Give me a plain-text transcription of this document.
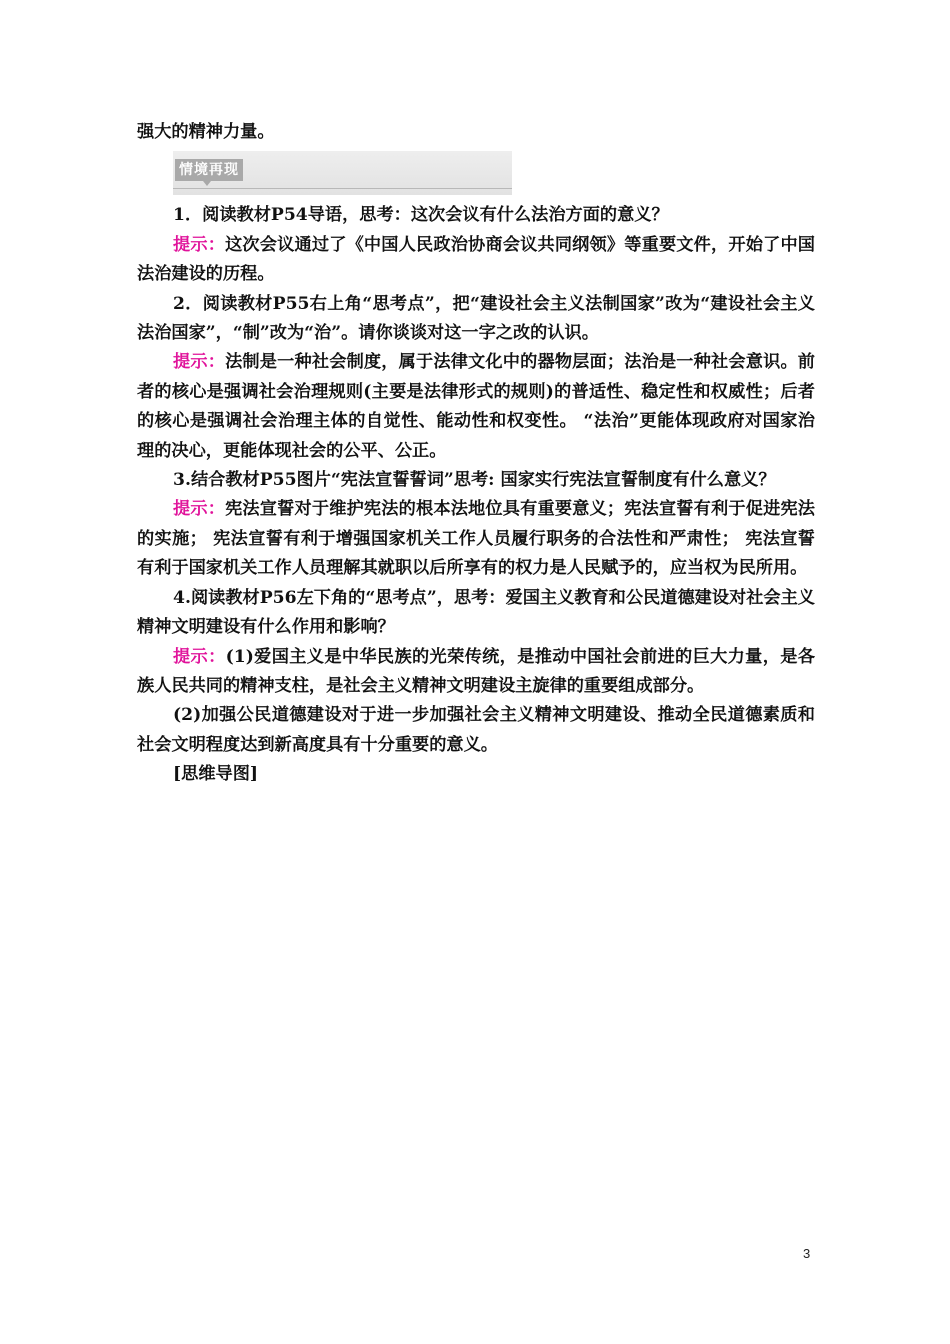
强大的精神力量。

情境再现

1．阅读教材P54导语，思考：这次会议有什么法治方面的意义？

提示：这次会议通过了《中国人民政治协商会议共同纲领》等重要文件，开始了中国法治建设的历程。

2．阅读教材P55右上角“思考点”，把“建设社会主义法制国家”改为“建设社会主义法治国家”，“制”改为“治”。请你谈谈对这一字之改的认识。

提示：法制是一种社会制度，属于法律文化中的器物层面；法治是一种社会意识。前者的核心是强调社会治理规则(主要是法律形式的规则)的普适性、稳定性和权威性；后者的核心是强调社会治理主体的自觉性、能动性和权变性。 “法治”更能体现政府对国家治理的决心，更能体现社会的公平、公正。

3.结合教材P55图片“宪法宣誓誓词”思考: 国家实行宪法宣誓制度有什么意义？

提示：宪法宣誓对于维护宪法的根本法地位具有重要意义；宪法宣誓有利于促进宪法的实施； 宪法宣誓有利于增强国家机关工作人员履行职务的合法性和严肃性； 宪法宣誓有利于国家机关工作人员理解其就职以后所享有的权力是人民赋予的，应当权为民所用。

4.阅读教材P56左下角的“思考点”，思考：爱国主义教育和公民道德建设对社会主义精神文明建设有什么作用和影响？

提示：(1)爱国主义是中华民族的光荣传统，是推动中国社会前进的巨大力量，是各族人民共同的精神支柱，是社会主义精神文明建设主旋律的重要组成部分。

(2)加强公民道德建设对于进一步加强社会主义精神文明建设、推动全民道德素质和社会文明程度达到新高度具有十分重要的意义。

[思维导图]

3
